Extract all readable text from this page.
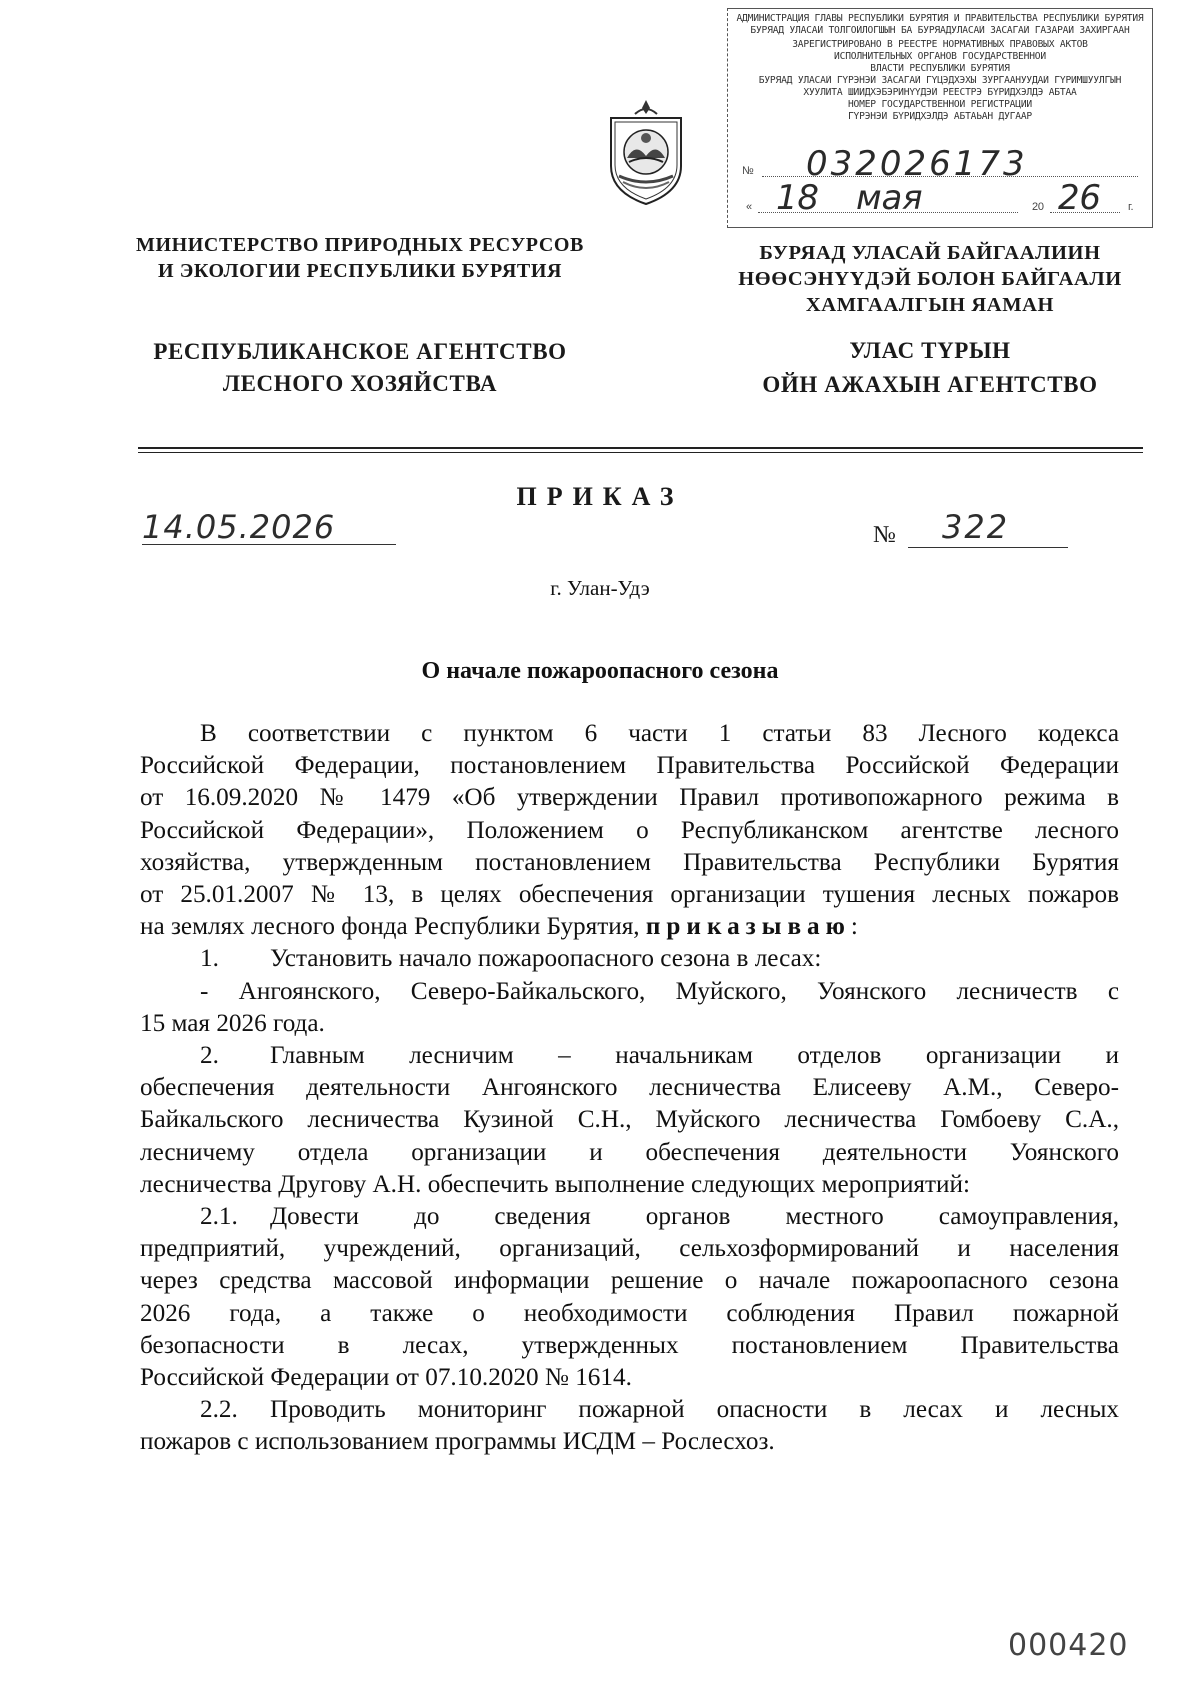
АДМИНИСТРАЦИЯ ГЛАВЫ РЕСПУБЛИКИ БУРЯТИЯ И ПРАВИТЕЛЬСТВА РЕСПУБЛИКИ БУРЯТИЯ
БУРЯАД УЛАСАЙ ТОЛГОЙЛОГШЫН БА БУРЯАДУЛАСАЙ ЗАСАГАЙ ГАЗАРАЙ ЗАХИРГААН
ЗАРЕГИСТРИРОВАНО В РЕЕСТРЕ НОРМАТИВНЫХ ПРАВОВЫХ АКТОВ
ИСПОЛНИТЕЛЬНЫХ ОРГАНОВ ГОСУДАРСТВЕННОЙ
ВЛАСТИ РЕСПУБЛИКИ БУРЯТИЯ
БУРЯАД УЛАСАЙ ГҮРЭНЭЙ ЗАСАГАЙ ГҮЦЭДХЭХЫ ЗУРГААНУУДАЙ ГҮРИМШУУЛГЫН
ХУУЛИТА ШИИДХЭБЭРИНҮҮДЭЙ РЕЕСТРЭ БҮРИДХЭЛДЭ АБТАА
НОМЕР ГОСУДАРСТВЕННОЙ РЕГИСТРАЦИИ
ГҮРЭНЭЙ БҮРИДХЭЛДЭ АБТАЬАН ДУГААР
№ 032026173
« 18 мая	20 26 г.
МИНИСТЕРСТВО ПРИРОДНЫХ РЕСУРСОВ
И ЭКОЛОГИИ РЕСПУБЛИКИ БУРЯТИЯ
РЕСПУБЛИКАНСКОЕ АГЕНТСТВО
ЛЕСНОГО ХОЗЯЙСТВА
БУРЯАД УЛАСАЙ БАЙГААЛИИН
НӨӨСЭНҮҮДЭЙ БОЛОН БАЙГААЛИ
ХАМГААЛГЫН ЯАМАН
УЛАС ТҮРЫН
ОЙН АЖАХЫН АГЕНТСТВО
ПРИКАЗ
14.05.2026	№ 322
г. Улан-Удэ
О начале пожароопасного сезона

В соответствии с пунктом 6 части 1 статьи 83 Лесного кодекса

Российской Федерации, постановлением Правительства Российской Федерации

от 16.09.2020 № 1479 «Об утверждении Правил противопожарного режима в

Российской Федерации», Положением о Республиканском агентстве лесного

хозяйства, утвержденным постановлением Правительства Республики Бурятия

от 25.01.2007 № 13, в целях обеспечения организации тушения лесных пожаров

на землях лесного фонда Республики Бурятия, приказываю:

1. Установить начало пожароопасного сезона в лесах:

- Ангоянского, Северо-Байкальского, Муйского, Уоянского лесничеств с

15 мая 2026 года.

2. Главным лесничим – начальникам отделов организации и

обеспечения деятельности Ангоянского лесничества Елисееву А.М., Северо-

Байкальского лесничества Кузиной С.Н., Муйского лесничества Гомбоеву С.А.,

лесничему отдела организации и обеспечения деятельности Уоянского

лесничества Другову А.Н. обеспечить выполнение следующих мероприятий:

2.1. Довести до сведения органов местного самоуправления,

предприятий, учреждений, организаций, сельхозформирований и населения

через средства массовой информации решение о начале пожароопасного сезона

2026 года, а также о необходимости соблюдения Правил пожарной

безопасности в лесах, утвержденных постановлением Правительства

Российской Федерации от 07.10.2020 № 1614.

2.2. Проводить мониторинг пожарной опасности в лесах и лесных

пожаров с использованием программы ИСДМ – Рослесхоз.

000420
